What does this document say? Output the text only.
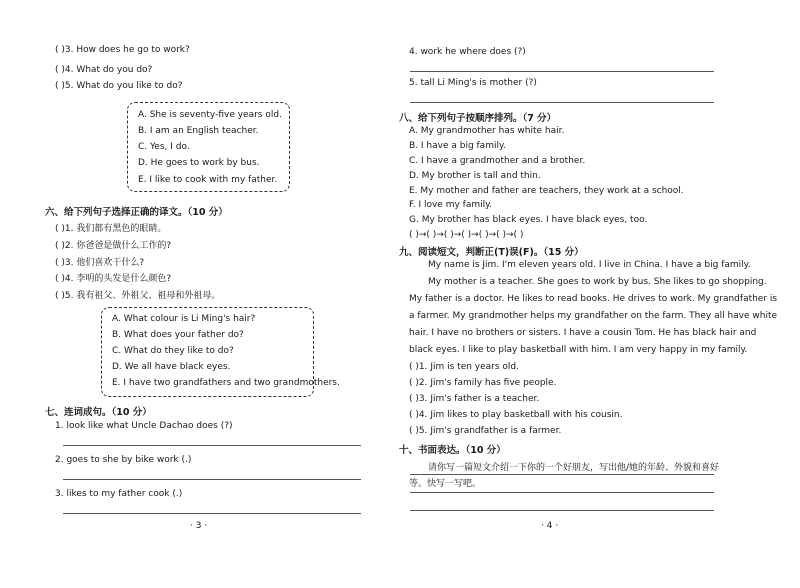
( )3. How does he go to work?
( )4. What do you do?
( )5. What do you like to do?
A. She is seventy-five years old.
B. I am an English teacher.
C. Yes, I do.
D. He goes to work by bus.
E. I like to cook with my father.
六、给下列句子选择正确的译文。（10 分）
( )1. 我们都有黑色的眼睛。
( )2. 你爸爸是做什么工作的?
( )3. 他们喜欢干什么?
( )4. 李明的头发是什么颜色?
( )5. 我有祖父、外祖父、祖母和外祖母。
A. What colour is Li Ming's hair?
B. What does your father do?
C. What do they like to do?
D. We all have black eyes.
E. I have two grandfathers and two grandmothers.
七、连词成句。（10 分）
1. look like what Uncle Dachao does (?)
2. goes to she by bike work (.)
3. likes to my father cook (.)
· 3 ·
4. work he where does (?)
5. tall Li Ming's is mother (?)
八、给下列句子按顺序排列。（7 分）
A. My grandmother has white hair.
B. I have a big family.
C. I have a grandmother and a brother.
D. My brother is tall and thin.
E. My mother and father are teachers, they work at a school.
F. I love my family.
G. My brother has black eyes. I have black eyes, too.
( )→( )→( )→( )→( )→( )→( )
九、阅读短文，判断正(T)误(F)。（15 分）
My name is Jim. I'm eleven years old. I live in China. I have a big family.
My mother is a teacher. She goes to work by bus. She likes to go shopping.
My father is a doctor. He likes to read books. He drives to work. My grandfather is
a farmer. My grandmother helps my grandfather on the farm. They all have white
hair. I have no brothers or sisters. I have a cousin Tom. He has black hair and
black eyes. I like to play basketball with him. I am very happy in my family.
( )1. Jim is ten years old.
( )2. Jim's family has five people.
( )3. Jim's father is a teacher.
( )4. Jim likes to play basketball with his cousin.
( )5. Jim's grandfather is a farmer.
十、书面表达。（10 分）
请你写一篇短文介绍一下你的一个好朋友，写出他/她的年龄、外貌和喜好
等。快写一写吧。
· 4 ·
